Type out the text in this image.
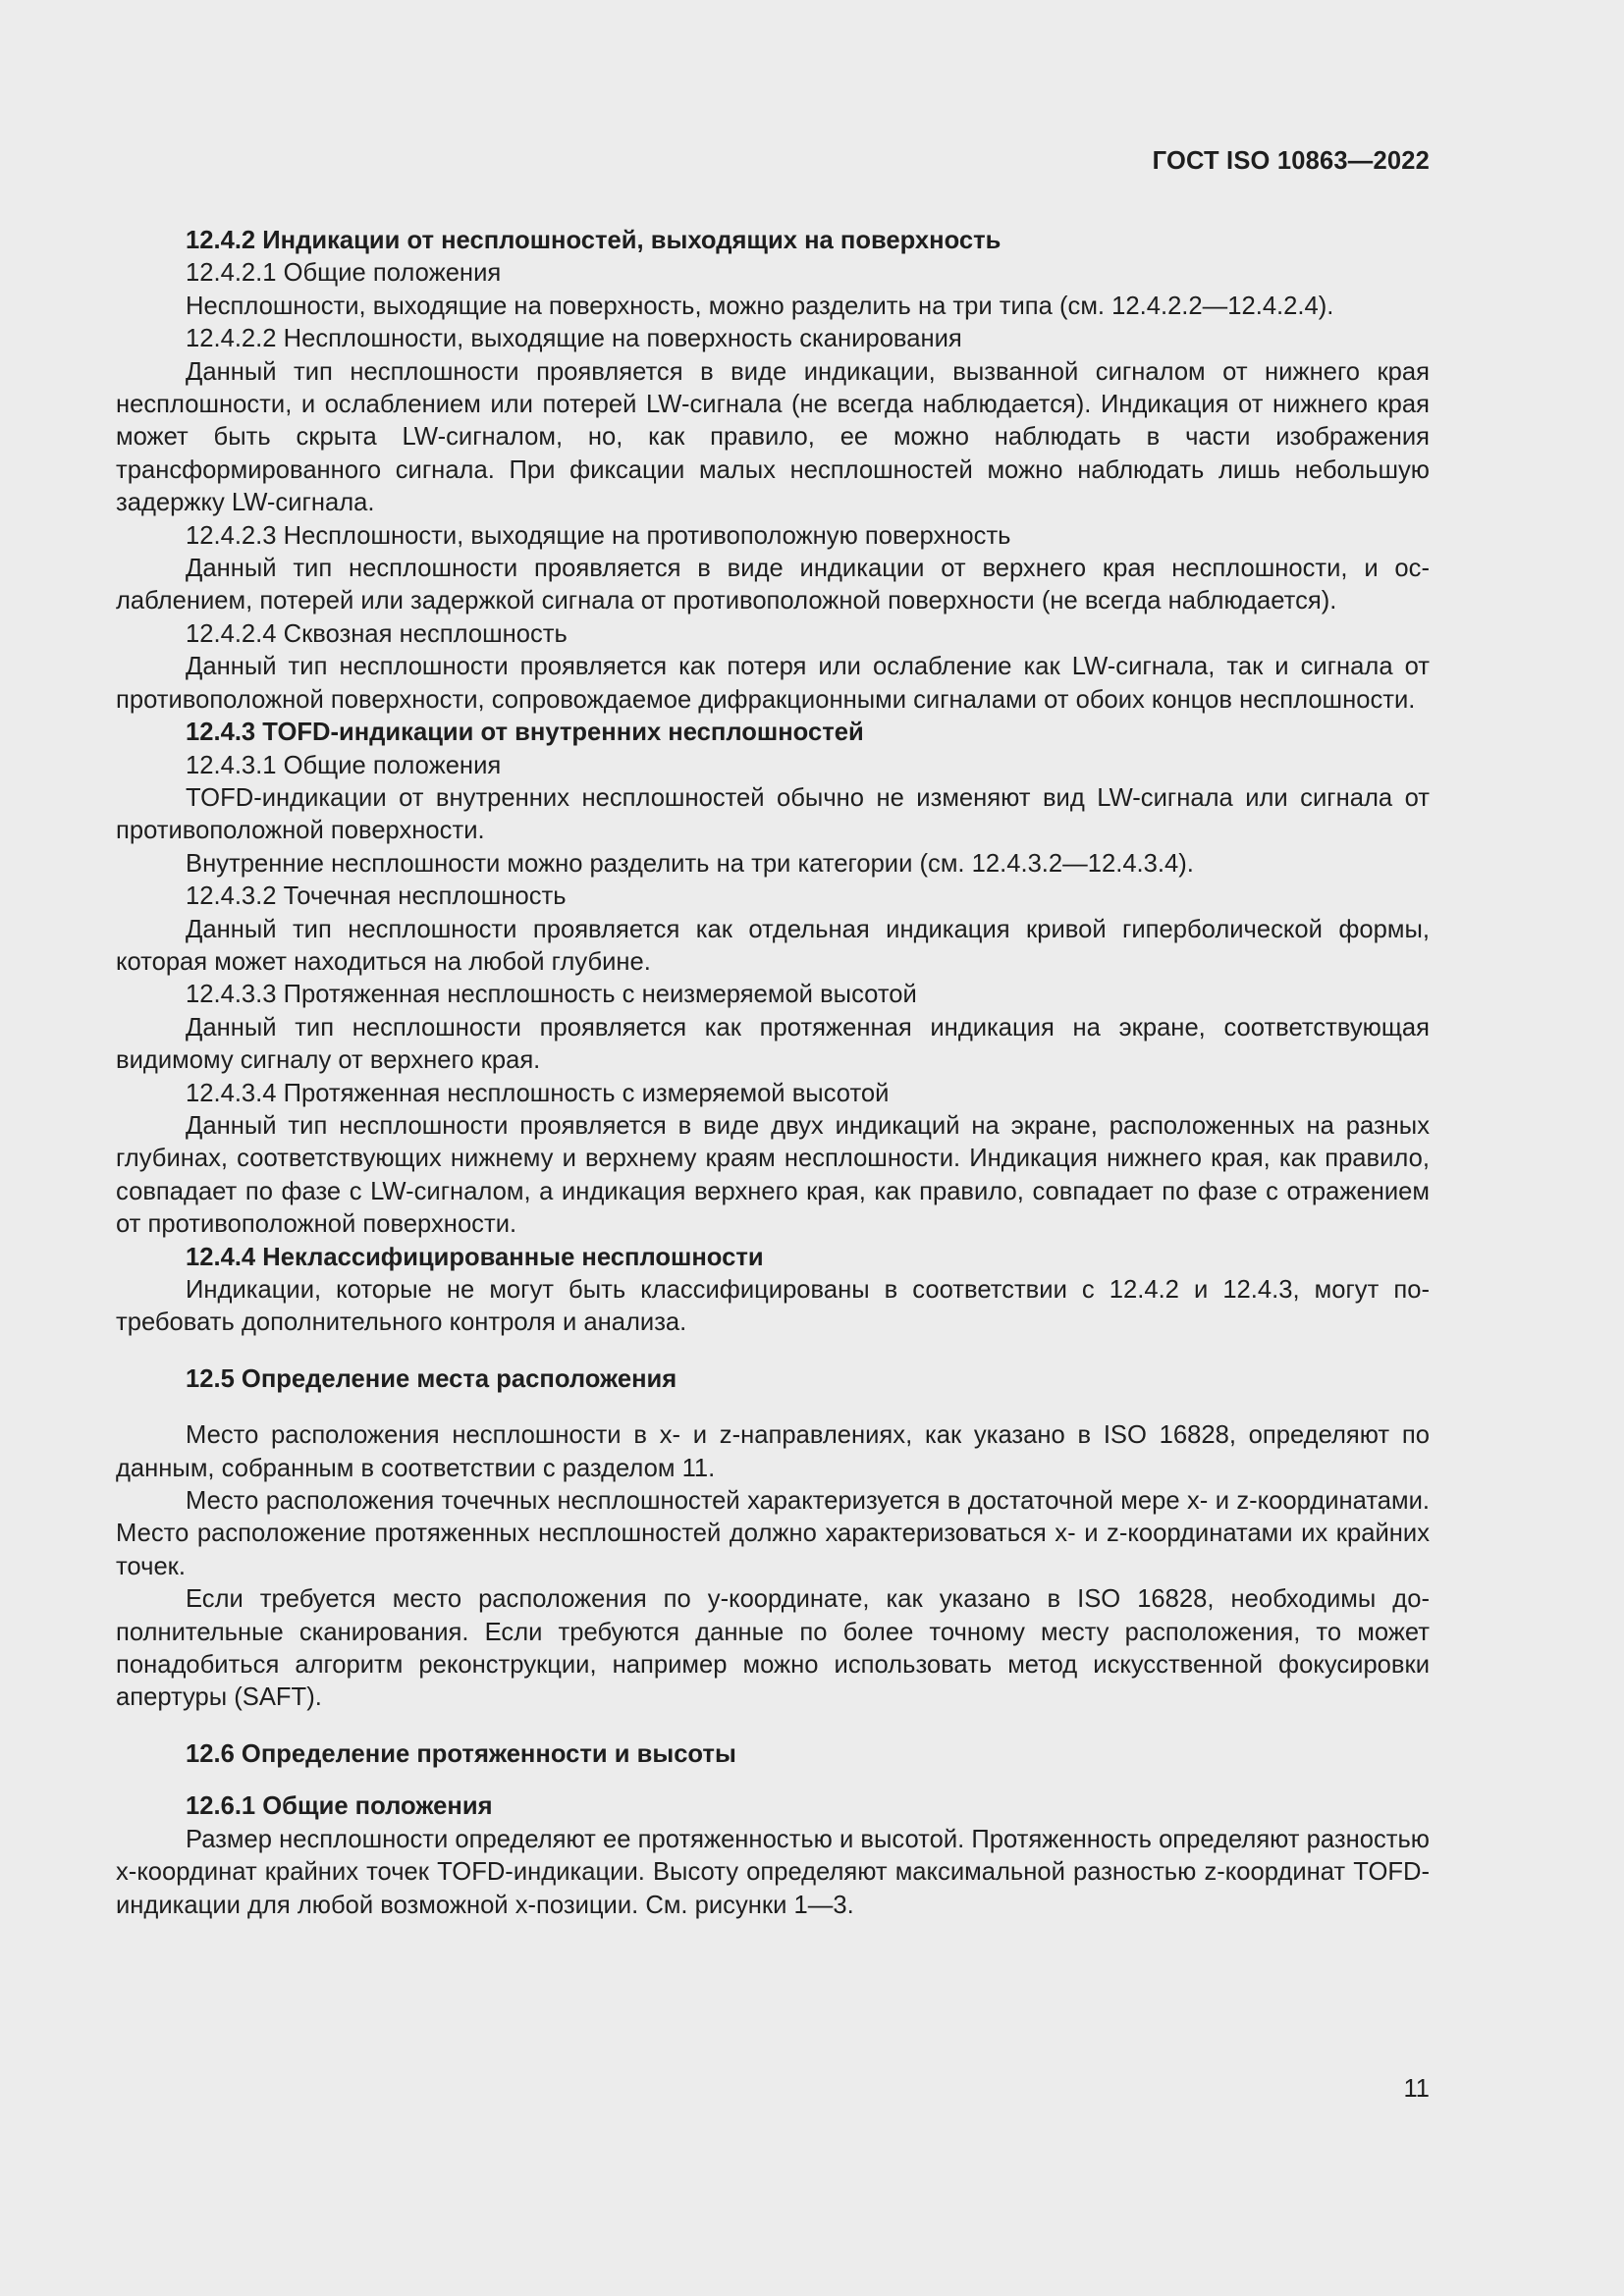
ГОСТ ISO 10863—2022

12.4.2 Индикации от несплошностей, выходящих на поверхность

12.4.2.1 Общие положения

Несплошности, выходящие на поверхность, можно разделить на три типа (см. 12.4.2.2—12.4.2.4).

12.4.2.2 Несплошности, выходящие на поверхность сканирования

Данный тип несплошности проявляется в виде индикации, вызванной сигналом от нижнего края несплошности, и ослаблением или потерей LW-сигнала (не всегда наблюдается). Индикация от нижнего края может быть скрыта LW-сигналом, но, как правило, ее можно наблюдать в части изображения трансформированного сигнала. При фиксации малых несплошностей можно наблюдать лишь небольшую задержку LW-сигнала.

12.4.2.3 Несплошности, выходящие на противоположную поверхность

Данный тип несплошности проявляется в виде индикации от верхнего края несплошности, и ослаблением, потерей или задержкой сигнала от противоположной поверхности (не всегда наблюдается).

12.4.2.4 Сквозная несплошность

Данный тип несплошности проявляется как потеря или ослабление как LW-сигнала, так и сигнала от противоположной поверхности, сопровождаемое дифракционными сигналами от обоих концов несплошности.

12.4.3 TOFD-индикации от внутренних несплошностей

12.4.3.1 Общие положения

TOFD-индикации от внутренних несплошностей обычно не изменяют вид LW-сигнала или сигнала от противоположной поверхности.

Внутренние несплошности можно разделить на три категории (см. 12.4.3.2—12.4.3.4).

12.4.3.2 Точечная несплошность

Данный тип несплошности проявляется как отдельная индикация кривой гиперболической формы, которая может находиться на любой глубине.

12.4.3.3 Протяженная несплошность с неизмеряемой высотой

Данный тип несплошности проявляется как протяженная индикация на экране, соответствующая видимому сигналу от верхнего края.

12.4.3.4 Протяженная несплошность с измеряемой высотой

Данный тип несплошности проявляется в виде двух индикаций на экране, расположенных на разных глубинах, соответствующих нижнему и верхнему краям несплошности. Индикация нижнего края, как правило, совпадает по фазе с LW-сигналом, а индикация верхнего края, как правило, совпадает по фазе с отражением от противоположной поверхности.

12.4.4 Неклассифицированные несплошности

Индикации, которые не могут быть классифицированы в соответствии с 12.4.2 и 12.4.3, могут потребовать дополнительного контроля и анализа.

12.5 Определение места расположения

Место расположения несплошности в x- и z-направлениях, как указано в ISO 16828, определяют по данным, собранным в соответствии с разделом 11.

Место расположения точечных несплошностей характеризуется в достаточной мере x- и z-координатами. Место расположение протяженных несплошностей должно характеризоваться x- и z-координатами их крайних точек.

Если требуется место расположения по y-координате, как указано в ISO 16828, необходимы дополнительные сканирования. Если требуются данные по более точному месту расположения, то может понадобиться алгоритм реконструкции, например можно использовать метод искусственной фокусировки апертуры (SAFT).

12.6 Определение протяженности и высоты

12.6.1 Общие положения

Размер несплошности определяют ее протяженностью и высотой. Протяженность определяют разностью x-координат крайних точек TOFD-индикации. Высоту определяют максимальной разностью z-координат TOFD-индикации для любой возможной x-позиции. См. рисунки 1—3.

11
